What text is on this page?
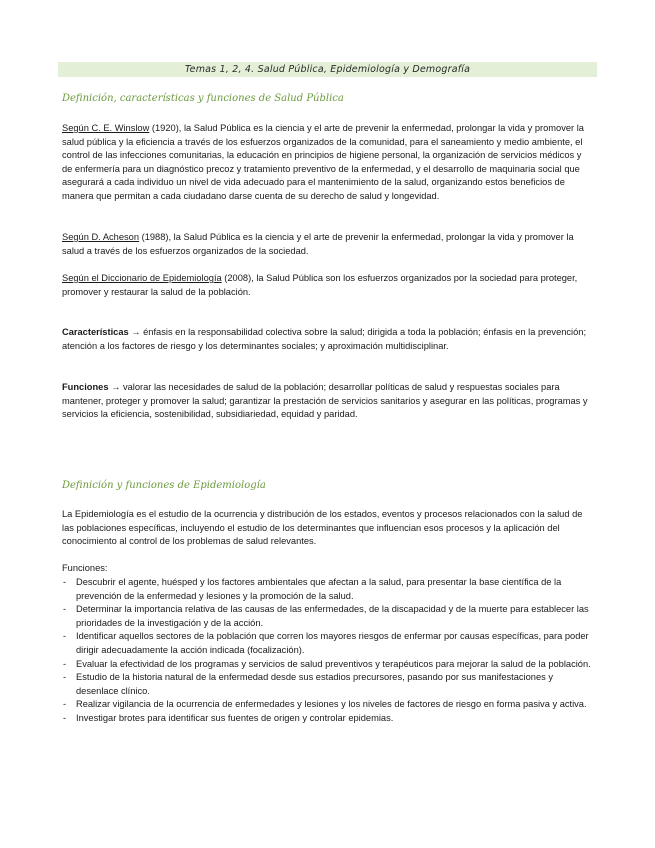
Temas 1, 2, 4. Salud Pública, Epidemiología y Demografía
Definición, características y funciones de Salud Pública
Según C. E. Winslow (1920), la Salud Pública es la ciencia y el arte de prevenir la enfermedad, prolongar la vida y promover la salud pública y la eficiencia a través de los esfuerzos organizados de la comunidad, para el saneamiento y medio ambiente, el control de las infecciones comunitarias, la educación en principios de higiene personal, la organización de servicios médicos y de enfermería para un diagnóstico precoz y tratamiento preventivo de la enfermedad, y el desarrollo de maquinaria social que asegurará a cada individuo un nivel de vida adecuado para el mantenimiento de la salud, organizando estos beneficios de manera que permitan a cada ciudadano darse cuenta de su derecho de salud y longevidad.
Según D. Acheson (1988), la Salud Pública es la ciencia y el arte de prevenir la enfermedad, prolongar la vida y promover la salud a través de los esfuerzos organizados de la sociedad.
Según el Diccionario de Epidemiología (2008), la Salud Pública son los esfuerzos organizados por la sociedad para proteger, promover y restaurar la salud de la población.
Características → énfasis en la responsabilidad colectiva sobre la salud; dirigida a toda la población; énfasis en la prevención; atención a los factores de riesgo y los determinantes sociales; y aproximación multidisciplinar.
Funciones → valorar las necesidades de salud de la población; desarrollar políticas de salud y respuestas sociales para mantener, proteger y promover la salud; garantizar la prestación de servicios sanitarios y asegurar en las políticas, programas y servicios la eficiencia, sostenibilidad, subsidiariedad, equidad y paridad.
Definición y funciones de Epidemiología
La Epidemiología es el estudio de la ocurrencia y distribución de los estados, eventos y procesos relacionados con la salud de las poblaciones específicas, incluyendo el estudio de los determinantes que influencian esos procesos y la aplicación del conocimiento al control de los problemas de salud relevantes.
Funciones:
- Descubrir el agente, huésped y los factores ambientales que afectan a la salud, para presentar la base científica de la prevención de la enfermedad y lesiones y la promoción de la salud.
- Determinar la importancia relativa de las causas de las enfermedades, de la discapacidad y de la muerte para establecer las prioridades de la investigación y de la acción.
- Identificar aquellos sectores de la población que corren los mayores riesgos de enfermar por causas específicas, para poder dirigir adecuadamente la acción indicada (focalización).
- Evaluar la efectividad de los programas y servicios de salud preventivos y terapéuticos para mejorar la salud de la población.
- Estudio de la historia natural de la enfermedad desde sus estadios precursores, pasando por sus manifestaciones y desenlace clínico.
- Realizar vigilancia de la ocurrencia de enfermedades y lesiones y los niveles de factores de riesgo en forma pasiva y activa.
- Investigar brotes para identificar sus fuentes de origen y controlar epidemias.
